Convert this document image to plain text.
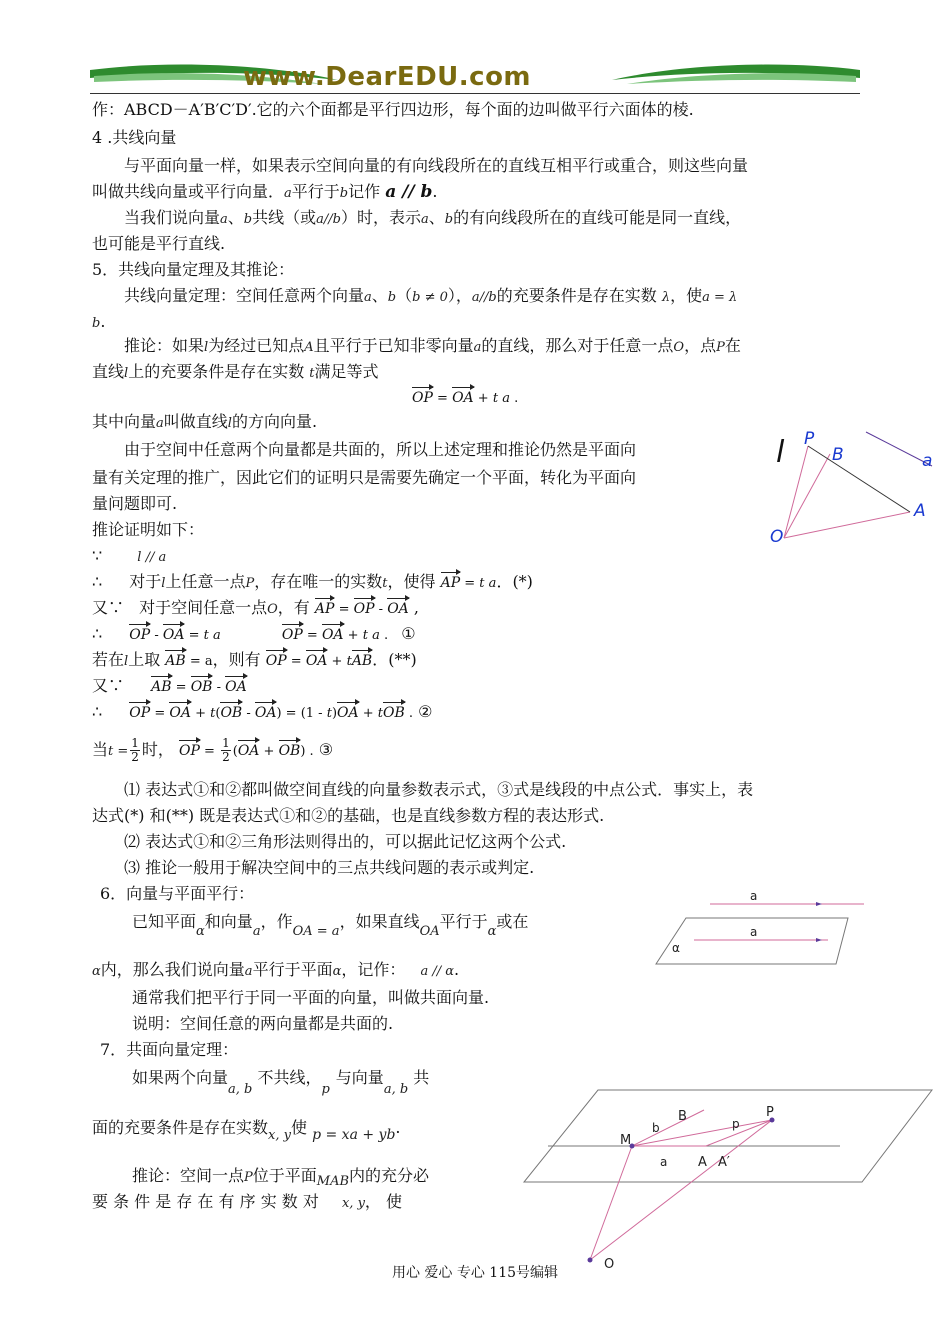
www.DearEDU.com
作：ABCD－A′B′C′D′.它的六个面都是平行四边形，每个面的边叫做平行六面体的棱.
4 .共线向量
与平面向量一样，如果表示空间向量的有向线段所在的直线互相平行或重合，则这些向量
叫做共线向量或平行向量．a平行于b记作 a // b.
当我们说向量a、b共线（或a//b）时，表示a、b的有向线段所在的直线可能是同一直线，
也可能是平行直线.
5．共线向量定理及其推论：
共线向量定理：空间任意两个向量a、b（b ≠ 0），a//b的充要条件是存在实数 λ，使a = λ
b.
推论：如果l为经过已知点A且平行于已知非零向量a的直线，那么对于任意一点O，点P在
直线l上的充要条件是存在实数 t满足等式
OP = OA + t a .
其中向量a叫做直线l的方向向量.
由于空间中任意两个向量都是共面的，所以上述定理和推论仍然是平面向
量有关定理的推广，因此它们的证明只是需要先确定一个平面，转化为平面向
量问题即可.
l P
B	a
A
O
推论证明如下：
∵	l // a
∴ 对于l上任意一点P，存在唯一的实数t，使得 AP = t a．(*)
又∵ 对于空间任意一点O，有 AP = OP - OA ,
∴ OP - OA = t a	OP = OA + t a . ①
若在l上取 AB = a，则有 OP = OA + tAB．(**)
又∵ AB = OB - OA
∴ OP = OA + t(OB - OA) = (1 - t)OA + tOB . ②
当$t = \frac{1}{2}$ 时， OP = $\frac{1}{2} (OA + OB)$ . ③
⑴ 表达式①和②都叫做空间直线的向量参数表示式，③式是线段的中点公式．事实上，表
达式(*) 和(**) 既是表达式①和②的基础，也是直线参数方程的表达形式.
⑵ 表达式①和②三角形法则得出的，可以据此记忆这两个公式.
⑶ 推论一般用于解决空间中的三点共线问题的表示或判定.
6．向量与平面平行：
已知平面$_\alpha$和向量$_a$，作$_{OA = a}$，如果直线$_{OA}$平行于$_\alpha$或在
α内，那么我们说向量a平行于平面α，记作： a // α.
通常我们把平行于同一平面的向量，叫做共面向量.
说明：空间任意的两向量都是共面的.
a
a
α
7．共面向量定理：
如果两个向量$_{a, b}$ 不共线，$_p$与向量$_{a, b}$ 共
面的充要条件是存在实数$_{x, y}$使 p = xa + yb.
推论：空间一点P位于平面$_{MAB}$内的充分必
要 条 件 是 存 在 有 序 实 数 对 x, y， 使
P
p
B
b
M
a A A′
O
用心 爱心 专心 115号编辑
